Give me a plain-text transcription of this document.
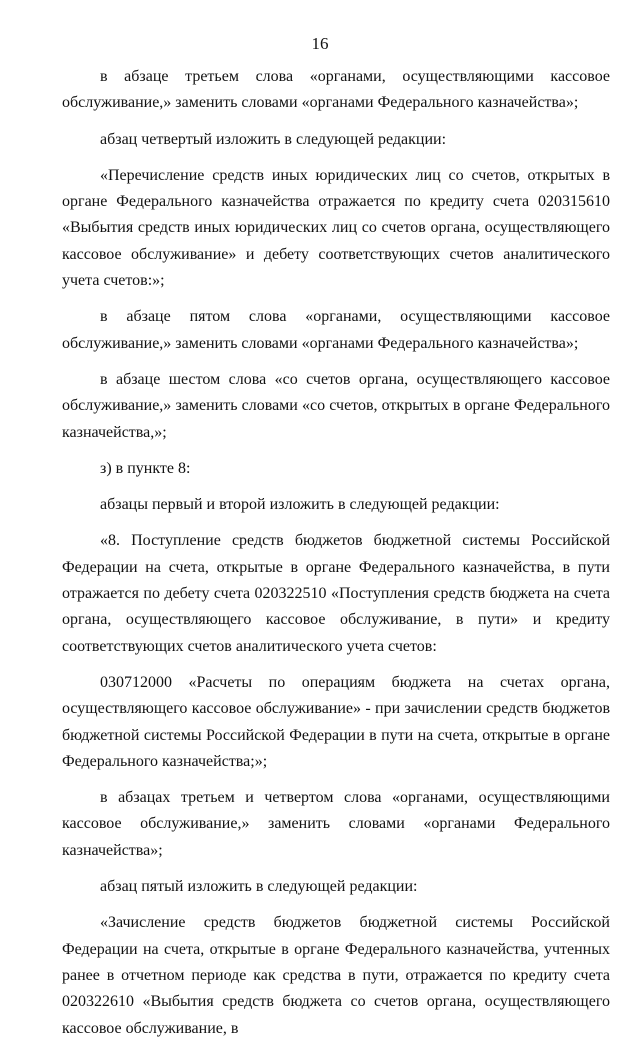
16

в абзаце третьем слова «органами, осуществляющими кассовое обслуживание,» заменить словами «органами Федерального казначейства»;

абзац четвертый изложить в следующей редакции:

«Перечисление средств иных юридических лиц со счетов, открытых в органе Федерального казначейства отражается по кредиту счета 020315610 «Выбытия средств иных юридических лиц со счетов органа, осуществляющего кассовое обслуживание» и дебету соответствующих счетов аналитического учета счетов:»;

в абзаце пятом слова «органами, осуществляющими кассовое обслуживание,» заменить словами «органами Федерального казначейства»;

в абзаце шестом слова «со счетов органа, осуществляющего кассовое обслуживание,» заменить словами «со счетов, открытых в органе Федерального казначейства,»;

з) в пункте 8:

абзацы первый и второй изложить в следующей редакции:

«8. Поступление средств бюджетов бюджетной системы Российской Федерации на счета, открытые в органе Федерального казначейства, в пути отражается по дебету счета 020322510 «Поступления средств бюджета на счета органа, осуществляющего кассовое обслуживание, в пути» и кредиту соответствующих счетов аналитического учета счетов:

030712000 «Расчеты по операциям бюджета на счетах органа, осуществляющего кассовое обслуживание» - при зачислении средств бюджетов бюджетной системы Российской Федерации в пути на счета, открытые в органе Федерального казначейства;»;

в абзацах третьем и четвертом слова «органами, осуществляющими кассовое обслуживание,» заменить словами «органами Федерального казначейства»;

абзац пятый изложить в следующей редакции:

«Зачисление средств бюджетов бюджетной системы Российской Федерации на счета, открытые в органе Федерального казначейства, учтенных ранее в отчетном периоде как средства в пути, отражается по кредиту счета 020322610 «Выбытия средств бюджета со счетов органа, осуществляющего кассовое обслуживание, в
